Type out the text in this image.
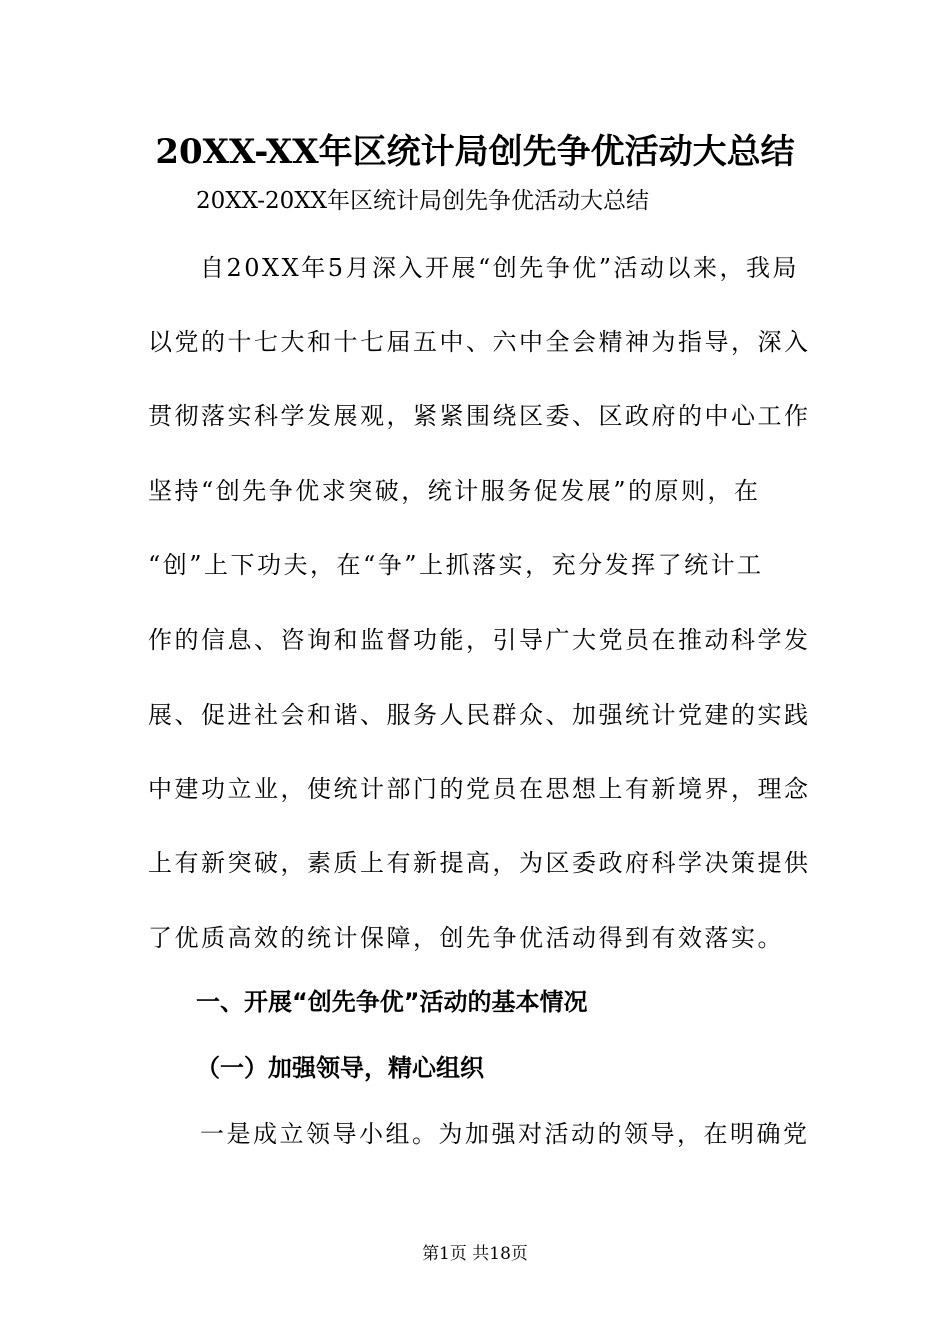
20XX-XX年区统计局创先争优活动大总结
20XX-20XX年区统计局创先争优活动大总结
自20XX年5月深入开展“创先争优”活动以来，我局
以党的十七大和十七届五中、六中全会精神为指导，深入
贯彻落实科学发展观，紧紧围绕区委、区政府的中心工作
坚持“创先争优求突破，统计服务促发展”的原则，在
“创”上下功夫，在“争”上抓落实，充分发挥了统计工
作的信息、咨询和监督功能，引导广大党员在推动科学发
展、促进社会和谐、服务人民群众、加强统计党建的实践
中建功立业，使统计部门的党员在思想上有新境界，理念
上有新突破，素质上有新提高，为区委政府科学决策提供
了优质高效的统计保障，创先争优活动得到有效落实。
一、开展“创先争优”活动的基本情况
（一）加强领导，精心组织
一是成立领导小组。为加强对活动的领导，在明确党
第1页 共18页
